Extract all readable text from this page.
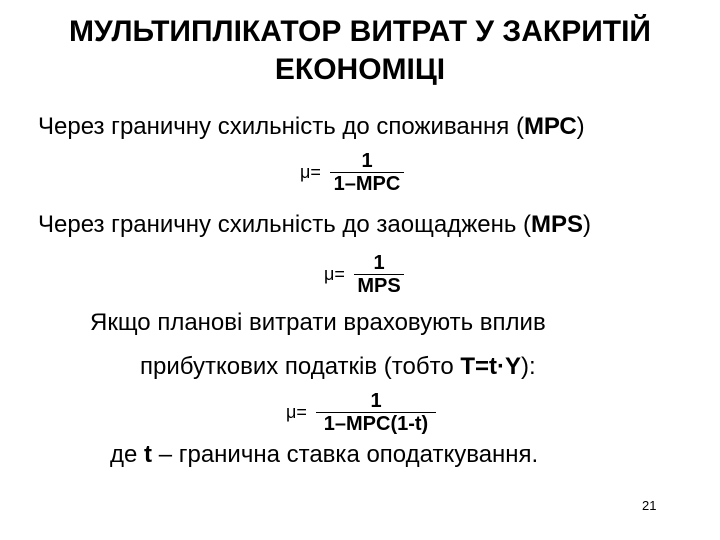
МУЛЬТИПЛІКАТОР ВИТРАТ У ЗАКРИТІЙ
ЕКОНОМІЦІ
Через граничну схильність до споживання (МРС)
μ=	1
1–MPC
Через граничну схильність до заощаджень (MPS)
μ=	1
MPS
Якщо планові витрати враховують вплив
прибуткових податків (тобто T=t·Y):
μ=	1
1–MPC(1-t)
де t – гранична ставка оподаткування.
21
